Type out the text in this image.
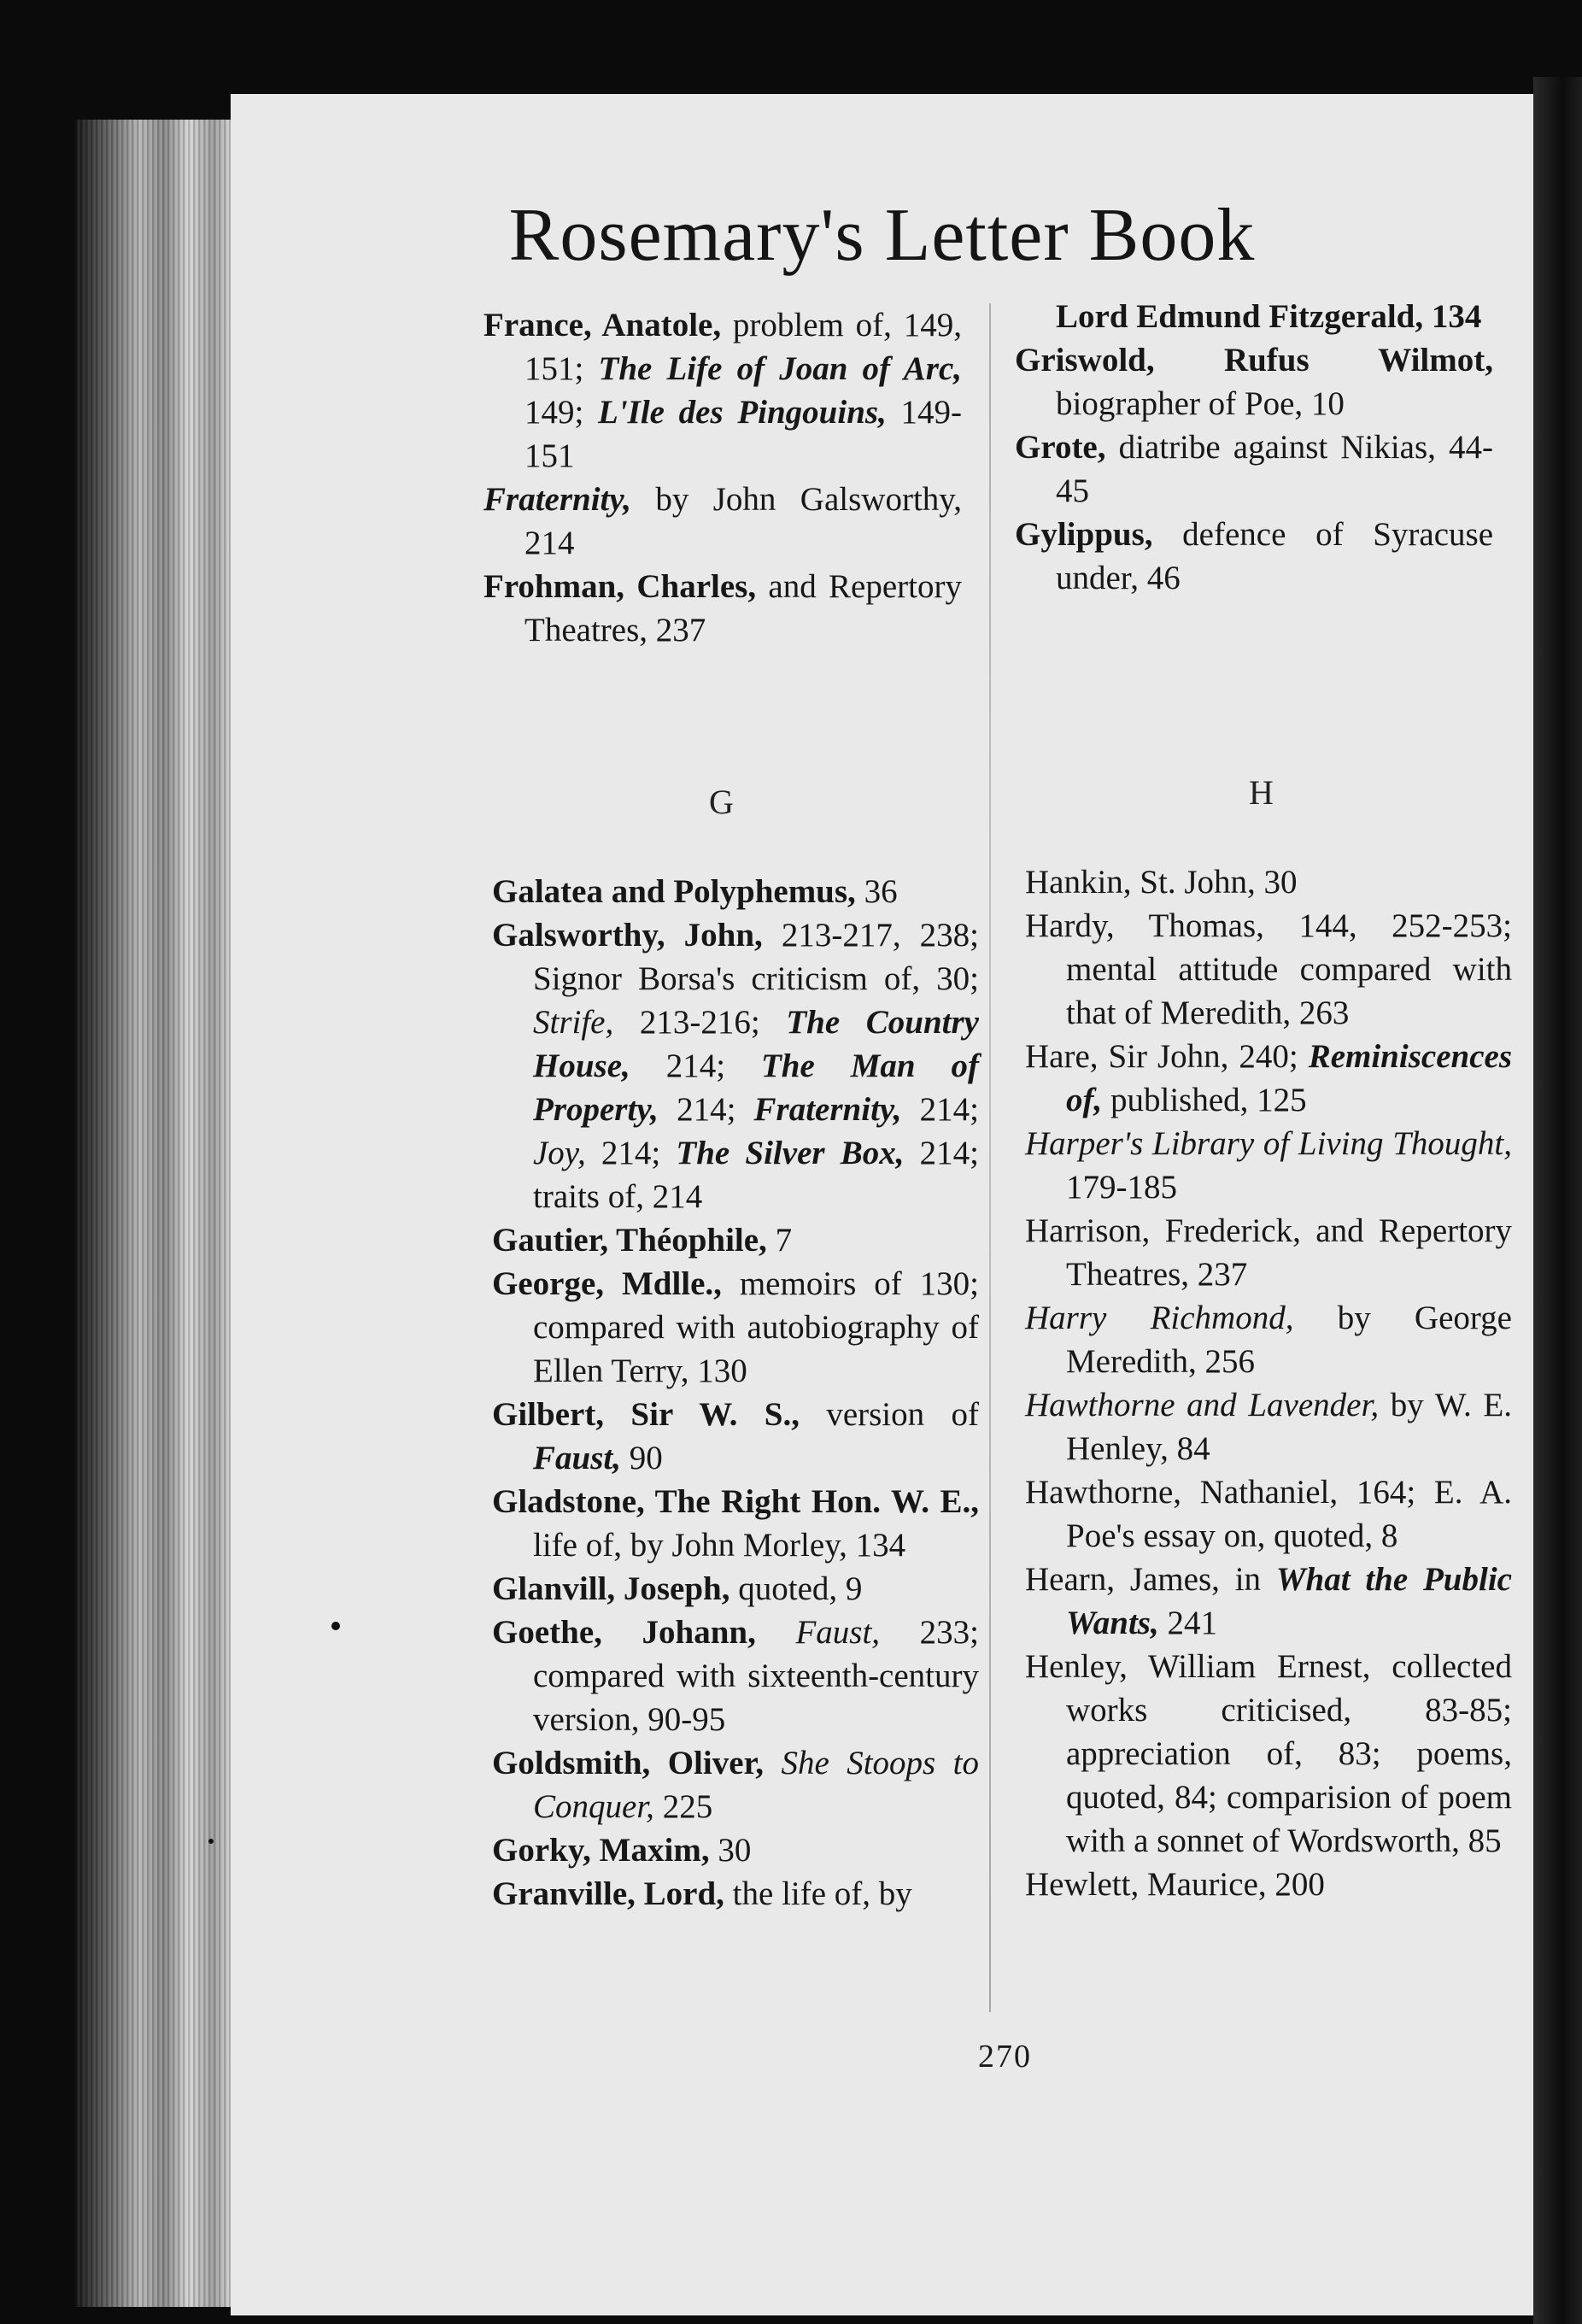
Rosemary's Letter Book

France, Anatole, problem of, 149, 151; The Life of Joan of Arc, 149; L'Ile des Pingouins, 149-151

Fraternity, by John Galsworthy, 214

Frohman, Charles, and Repertory Theatres, 237

Lord Edmund Fitzgerald, 134

Griswold, Rufus Wilmot, biographer of Poe, 10

Grote, diatribe against Nikias, 44-45

Gylippus, defence of Syracuse under, 46

G	H

Galatea and Polyphemus, 36

Galsworthy, John, 213-217, 238; Signor Borsa's criticism of, 30; Strife, 213-216; The Country House, 214; The Man of Property, 214; Fraternity, 214; Joy, 214; The Silver Box, 214; traits of, 214

Gautier, Théophile, 7

George, Mdlle., memoirs of 130; compared with autobiography of Ellen Terry, 130

Gilbert, Sir W. S., version of Faust, 90

Gladstone, The Right Hon. W. E., life of, by John Morley, 134

Glanvill, Joseph, quoted, 9

Goethe, Johann, Faust, 233; compared with sixteenth-century version, 90-95

Goldsmith, Oliver, She Stoops to Conquer, 225

Gorky, Maxim, 30

Granville, Lord, the life of, by

Hankin, St. John, 30

Hardy, Thomas, 144, 252-253; mental attitude compared with that of Meredith, 263

Hare, Sir John, 240; Reminiscences of, published, 125

Harper's Library of Living Thought, 179-185

Harrison, Frederick, and Repertory Theatres, 237

Harry Richmond, by George Meredith, 256

Hawthorne and Lavender, by W. E. Henley, 84

Hawthorne, Nathaniel, 164; E. A. Poe's essay on, quoted, 8

Hearn, James, in What the Public Wants, 241

Henley, William Ernest, collected works criticised, 83-85; appreciation of, 83; poems, quoted, 84; comparision of poem with a sonnet of Wordsworth, 85

Hewlett, Maurice, 200

270
